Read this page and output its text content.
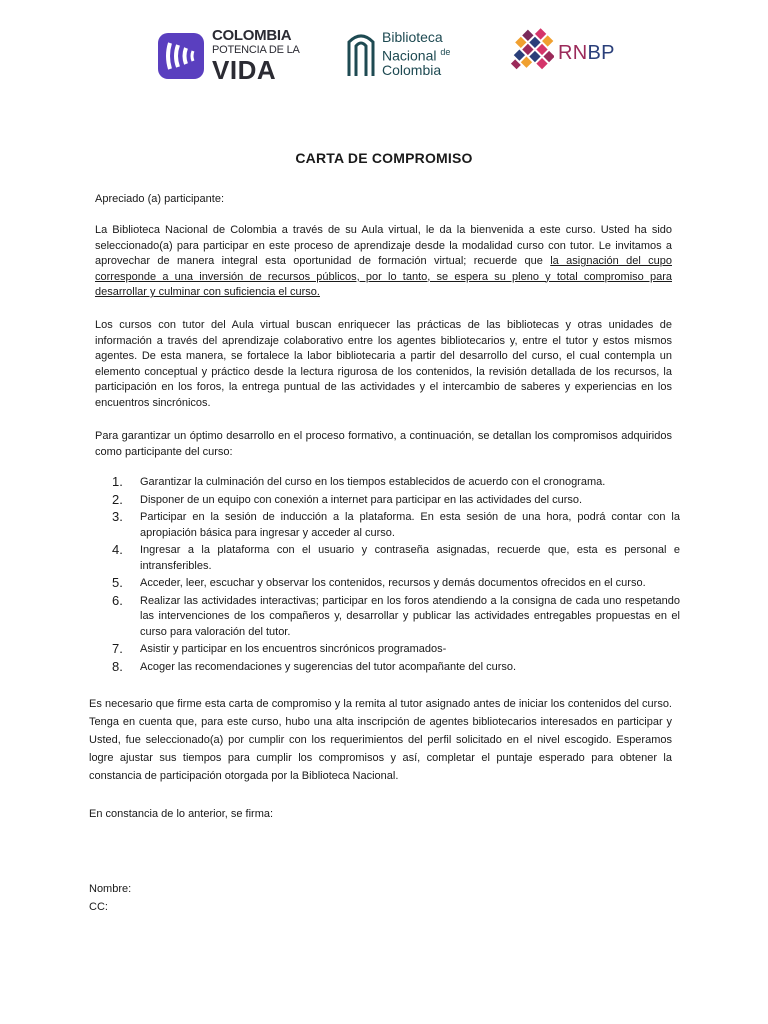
COLOMBIA
POTENCIA DE LA
VIDA
Biblioteca
Nacional $^{de}$
Colombia
RNBP
CARTA DE COMPROMISO

Apreciado (a) participante:

La Biblioteca Nacional de Colombia a través de su Aula virtual, le da la bienvenida a este curso. Usted ha sido seleccionado(a) para participar en este proceso de aprendizaje desde la modalidad curso con tutor. Le invitamos a aprovechar de manera integral esta oportunidad de formación virtual; recuerde que la asignación del cupo corresponde a una inversión de recursos públicos, por lo tanto, se espera su pleno y total compromiso para desarrollar y culminar con suficiencia el curso.

Los cursos con tutor del Aula virtual buscan enriquecer las prácticas de las bibliotecas y otras unidades de información a través del aprendizaje colaborativo entre los agentes bibliotecarios y, entre el tutor y estos mismos agentes. De esta manera, se fortalece la labor bibliotecaria a partir del desarrollo del curso, el cual contempla un elemento conceptual y práctico desde la lectura rigurosa de los contenidos, la revisión detallada de los recursos, la participación en los foros, la entrega puntual de las actividades y el intercambio de saberes y experiencias en los encuentros sincrónicos.

Para garantizar un óptimo desarrollo en el proceso formativo, a continuación, se detallan los compromisos adquiridos como participante del curso:

1. Garantizar la culminación del curso en los tiempos establecidos de acuerdo con el cronograma.
2. Disponer de un equipo con conexión a internet para participar en las actividades del curso.
3. Participar en la sesión de inducción a la plataforma. En esta sesión de una hora, podrá contar con la apropiación básica para ingresar y acceder al curso.
4. Ingresar a la plataforma con el usuario y contraseña asignadas, recuerde que, esta es personal e intransferibles.
5. Acceder, leer, escuchar y observar los contenidos, recursos y demás documentos ofrecidos en el curso.
6. Realizar las actividades interactivas; participar en los foros atendiendo a la consigna de cada uno respetando las intervenciones de los compañeros y, desarrollar y publicar las actividades entregables propuestas en el curso para valoración del tutor.
7. Asistir y participar en los encuentros sincrónicos programados-
8. Acoger las recomendaciones y sugerencias del tutor acompañante del curso.

Es necesario que firme esta carta de compromiso y la remita al tutor asignado antes de iniciar los contenidos del curso. Tenga en cuenta que, para este curso, hubo una alta inscripción de agentes bibliotecarios interesados en participar y Usted, fue seleccionado(a) por cumplir con los requerimientos del perfil solicitado en el nivel escogido. Esperamos logre ajustar sus tiempos para cumplir los compromisos y así, completar el puntaje esperado para obtener la constancia de participación otorgada por la Biblioteca Nacional.

En constancia de lo anterior, se firma:

Nombre:

CC:
